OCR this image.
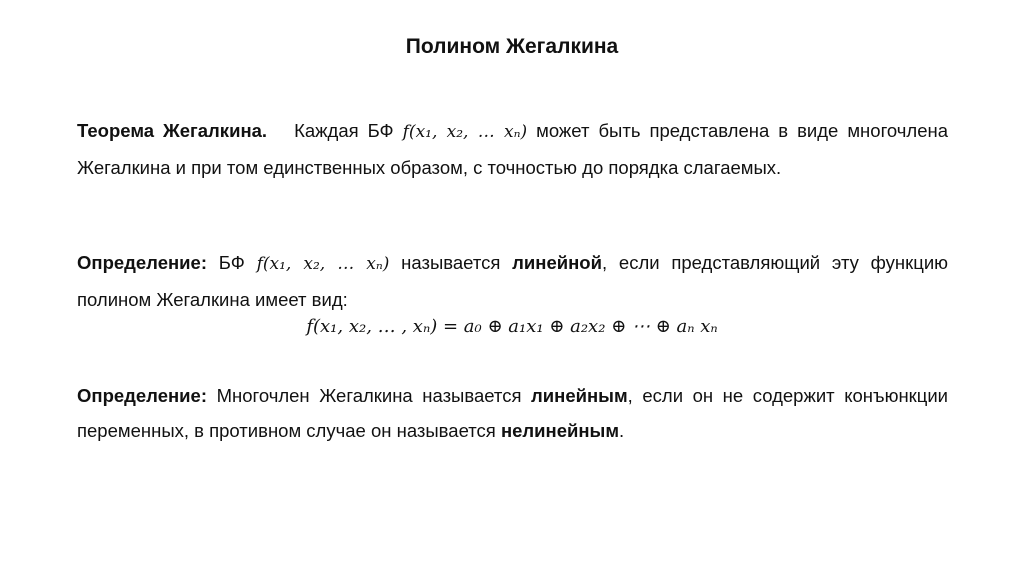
Полином Жегалкина
Теорема Жегалкина. Каждая БФ f(x₁, x₂, … xₙ) может быть представлена в виде многочлена Жегалкина и при том единственных образом, с точностью до порядка слагаемых.
Определение: БФ f(x₁, x₂, … xₙ) называется линейной, если представляющий эту функцию полином Жегалкина имеет вид:
f(x₁, x₂, … , xₙ) = a₀ ⊕ a₁x₁ ⊕ a₂x₂ ⊕ ⋯ ⊕ aₙ xₙ
Определение: Многочлен Жегалкина называется линейным, если он не содержит конъюнкции переменных, в противном случае он называется нелинейным.
